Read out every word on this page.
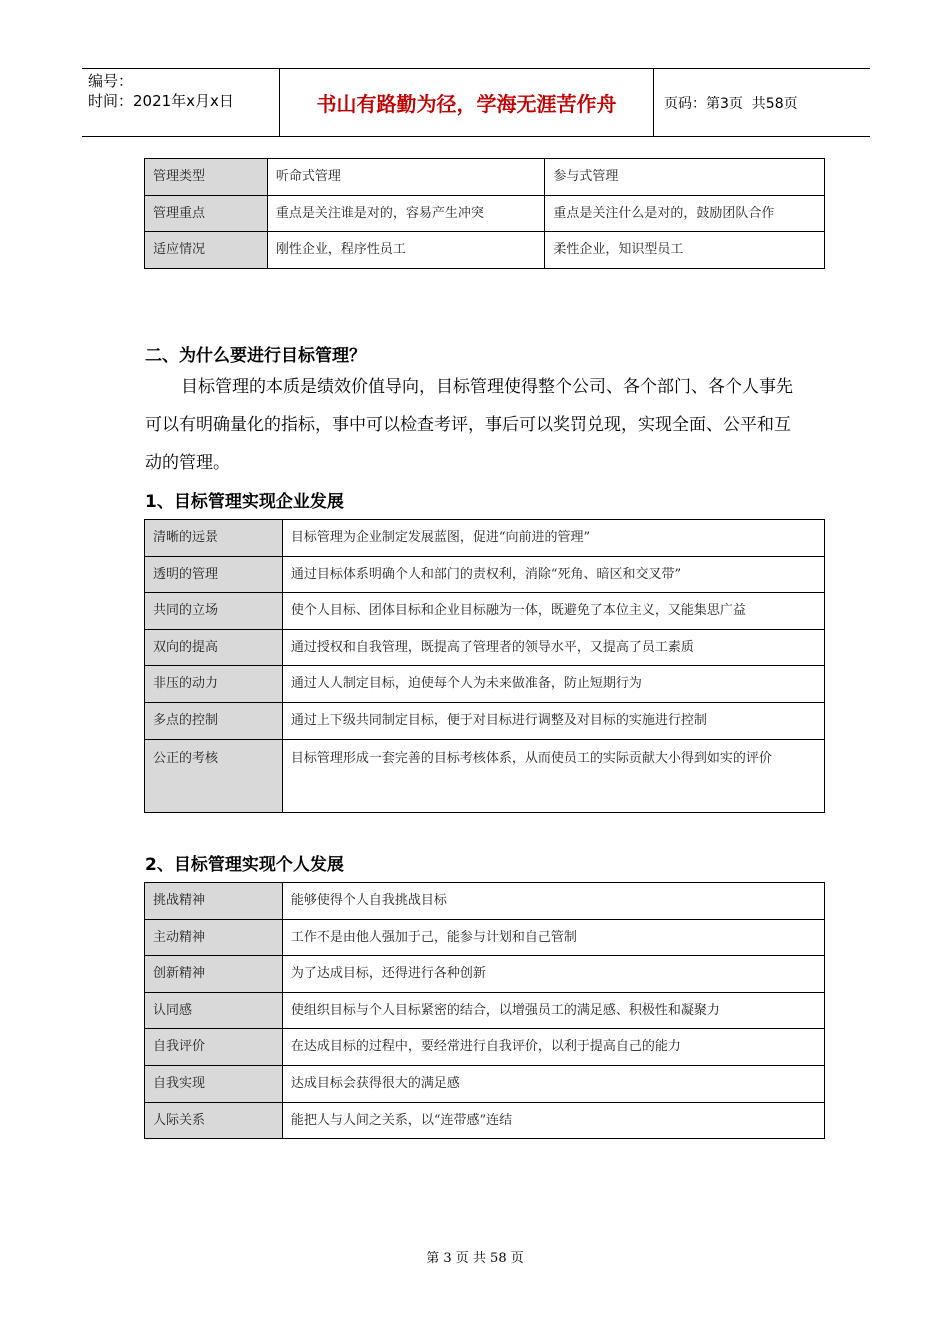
编号：
时间：2021年x月x日	书山有路勤为径，学海无涯苦作舟	页码：第3页  共58页
管理类型	听命式管理	参与式管理
管理重点	重点是关注谁是对的，容易产生冲突	重点是关注什么是对的，鼓励团队合作
适应情况	刚性企业，程序性员工	柔性企业，知识型员工
二、为什么要进行目标管理？
目标管理的本质是绩效价值导向，目标管理使得整个公司、各个部门、各个人事先可以有明确量化的指标，事中可以检查考评，事后可以奖罚兑现，实现全面、公平和互动的管理。
1、目标管理实现企业发展
清晰的远景	目标管理为企业制定发展蓝图，促进“向前进的管理”
透明的管理	通过目标体系明确个人和部门的责权利，消除“死角、暗区和交叉带”
共同的立场	使个人目标、团体目标和企业目标融为一体，既避免了本位主义，又能集思广益
双向的提高	通过授权和自我管理，既提高了管理者的领导水平，又提高了员工素质
非压的动力	通过人人制定目标，迫使每个人为未来做准备，防止短期行为
多点的控制	通过上下级共同制定目标，便于对目标进行调整及对目标的实施进行控制
公正的考核	目标管理形成一套完善的目标考核体系，从而使员工的实际贡献大小得到如实的评价
2、目标管理实现个人发展
挑战精神	能够使得个人自我挑战目标
主动精神	工作不是由他人强加于己，能参与计划和自己管制
创新精神	为了达成目标，还得进行各种创新
认同感	使组织目标与个人目标紧密的结合，以增强员工的满足感、积极性和凝聚力
自我评价	在达成目标的过程中，要经常进行自我评价，以利于提高自己的能力
自我实现	达成目标会获得很大的满足感
人际关系	能把人与人间之关系，以“连带感”连结
第 3 页 共 58 页
